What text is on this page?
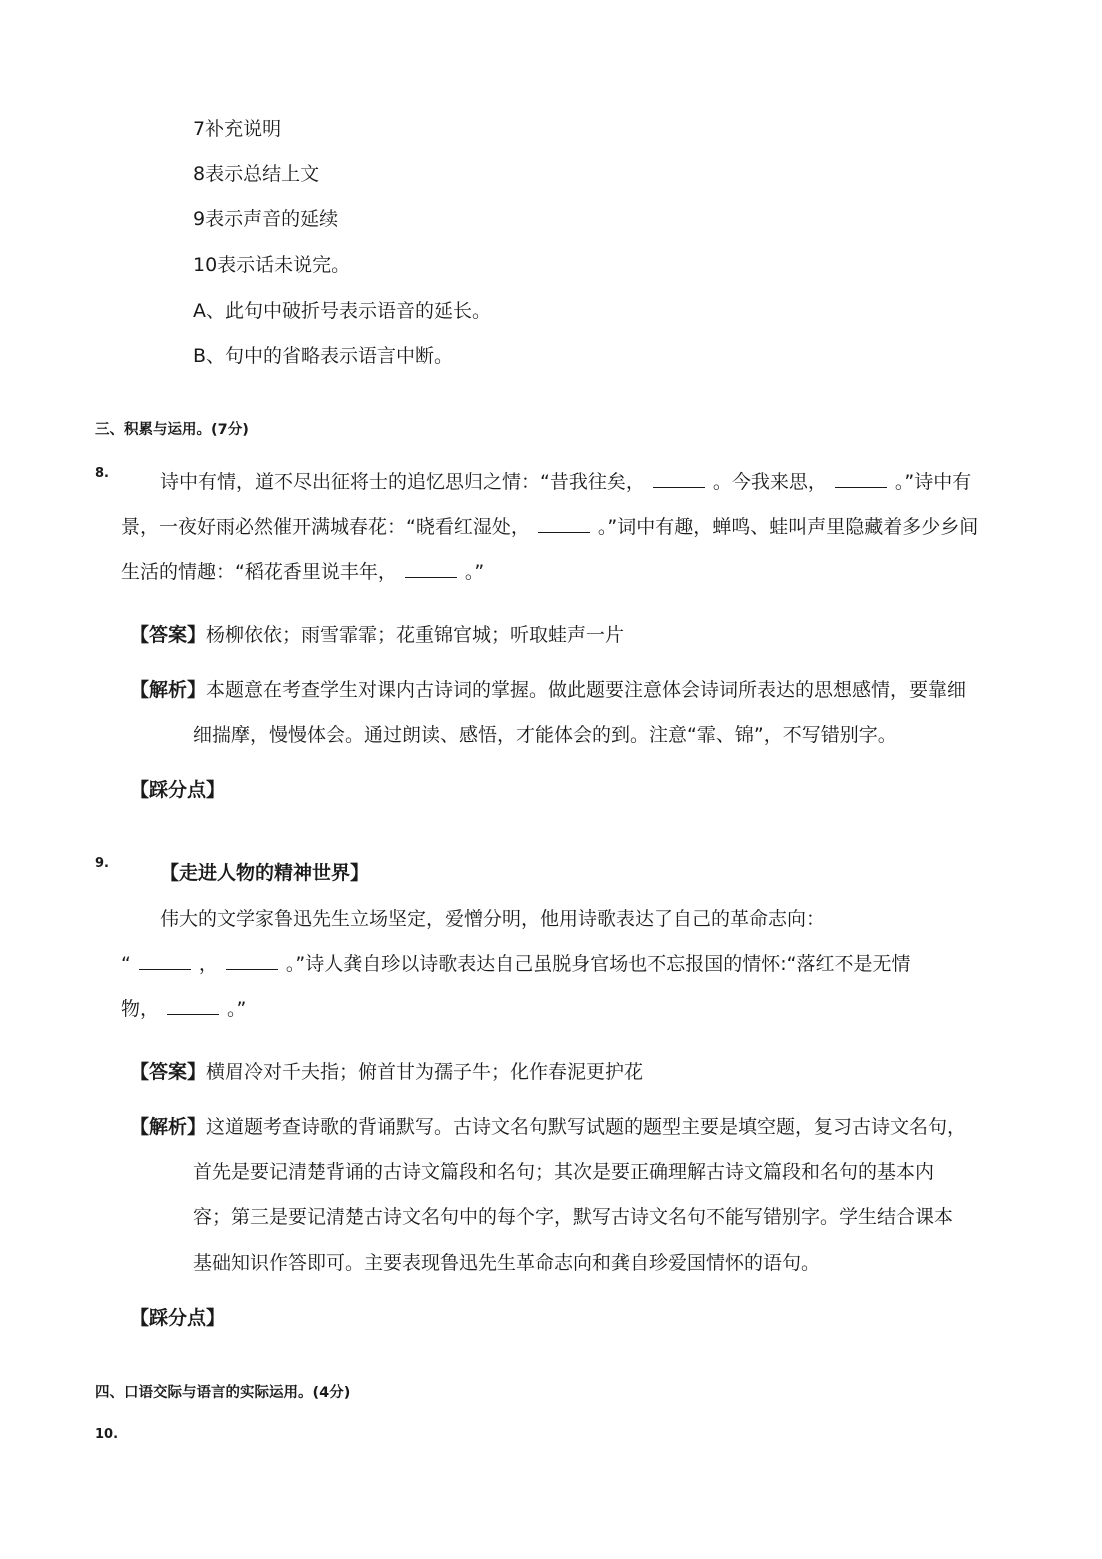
7补充说明
8表示总结上文
9表示声音的延续
10表示话未说完。
A、此句中破折号表示语音的延长。
B、句中的省略表示语言中断。
三、积累与运用。(7分)
8.	诗中有情，道不尽出征将士的追忆思归之情：“昔我往矣，	。今我来思，	。”诗中有
景，一夜好雨必然催开满城春花：“晓看红湿处，	。”词中有趣，蝉鸣、蛙叫声里隐藏着多少乡间
生活的情趣：“稻花香里说丰年，	。”
【答案】杨柳依依；雨雪霏霏；花重锦官城；听取蛙声一片
【解析】本题意在考查学生对课内古诗词的掌握。做此题要注意体会诗词所表达的思想感情，要靠细
细揣摩，慢慢体会。通过朗读、感悟，才能体会的到。注意“霏、锦”，不写错别字。
【踩分点】
9.	【走进人物的精神世界】
伟大的文学家鲁迅先生立场坚定，爱憎分明，他用诗歌表达了自己的革命志向：
“	，	。”诗人龚自珍以诗歌表达自己虽脱身官场也不忘报国的情怀:“落红不是无情
物，	。”
【答案】横眉冷对千夫指；俯首甘为孺子牛；化作春泥更护花
【解析】这道题考查诗歌的背诵默写。古诗文名句默写试题的题型主要是填空题，复习古诗文名句，
首先是要记清楚背诵的古诗文篇段和名句；其次是要正确理解古诗文篇段和名句的基本内
容；第三是要记清楚古诗文名句中的每个字，默写古诗文名句不能写错别字。学生结合课本
基础知识作答即可。主要表现鲁迅先生革命志向和龚自珍爱国情怀的语句。
【踩分点】
四、口语交际与语言的实际运用。(4分)
10.
